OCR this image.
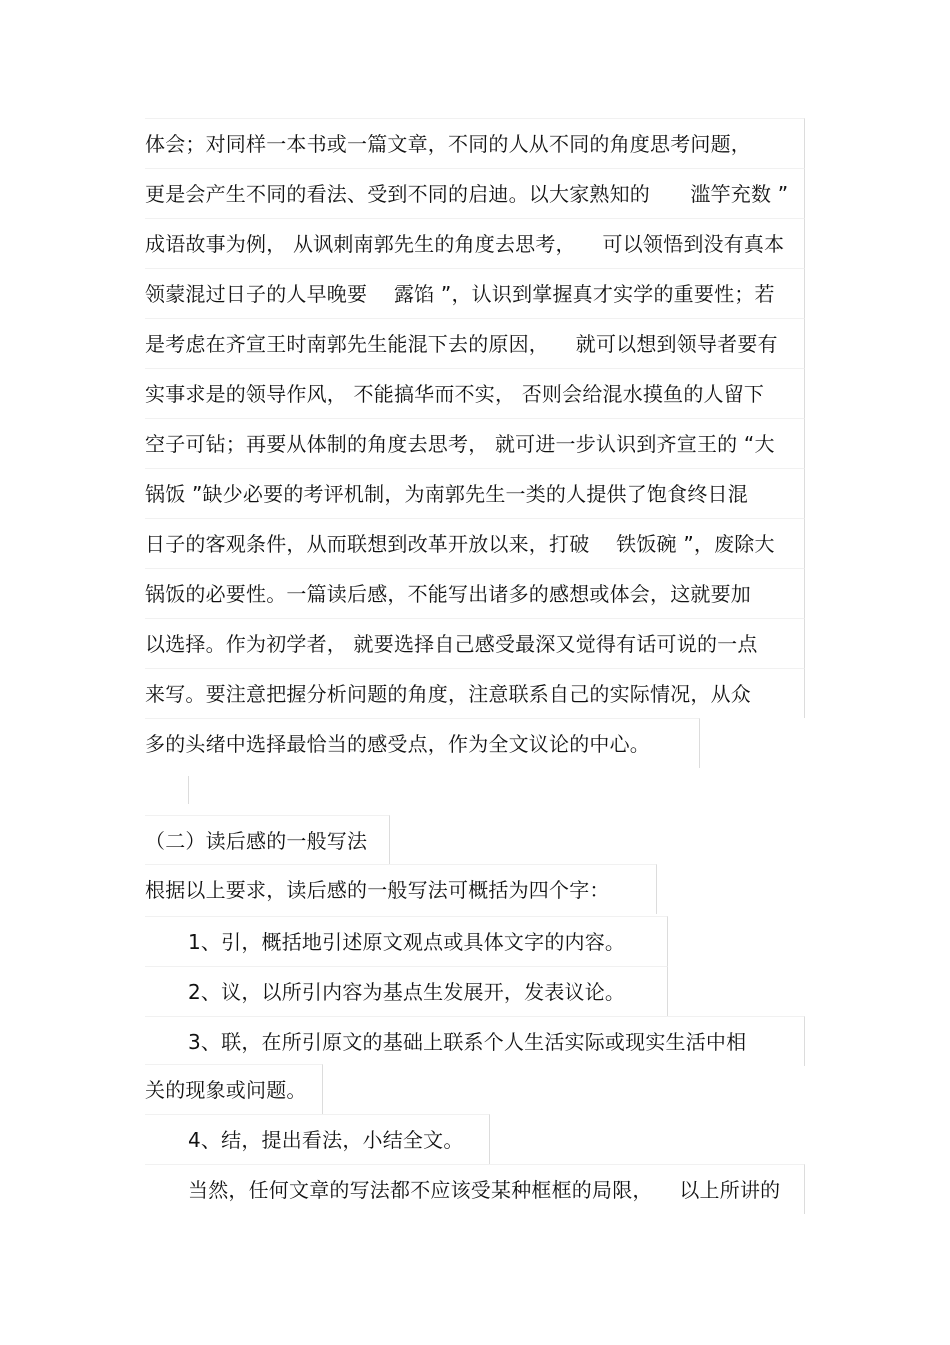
体会；对同样一本书或一篇文章，不同的人从不同的角度思考问题，
更是会产生不同的看法、受到不同的启迪。以大家熟知的　　滥竽充数 ”
成语故事为例， 从讽刺南郭先生的角度去思考， 　可以领悟到没有真本
领蒙混过日子的人早晚要 　露馅 ”，认识到掌握真才实学的重要性；若
是考虑在齐宣王时南郭先生能混下去的原因， 　就可以想到领导者要有
实事求是的领导作风， 不能搞华而不实， 否则会给混水摸鱼的人留下
空子可钻；再要从体制的角度去思考， 就可进一步认识到齐宣王的 “大
锅饭 ”缺少必要的考评机制，为南郭先生一类的人提供了饱食终日混
日子的客观条件，从而联想到改革开放以来，打破 　铁饭碗 ”，废除大
锅饭的必要性。一篇读后感，不能写出诸多的感想或体会，这就要加
以选择。作为初学者， 就要选择自己感受最深又觉得有话可说的一点
来写。要注意把握分析问题的角度，注意联系自己的实际情况，从众
多的头绪中选择最恰当的感受点，作为全文议论的中心。
（二）读后感的一般写法
根据以上要求，读后感的一般写法可概括为四个字：
1、引，概括地引述原文观点或具体文字的内容。
2、议，以所引内容为基点生发展开，发表议论。
3、联，在所引原文的基础上联系个人生活实际或现实生活中相
关的现象或问题。
4、结，提出看法，小结全文。
当然，任何文章的写法都不应该受某种框框的局限， 　以上所讲的
